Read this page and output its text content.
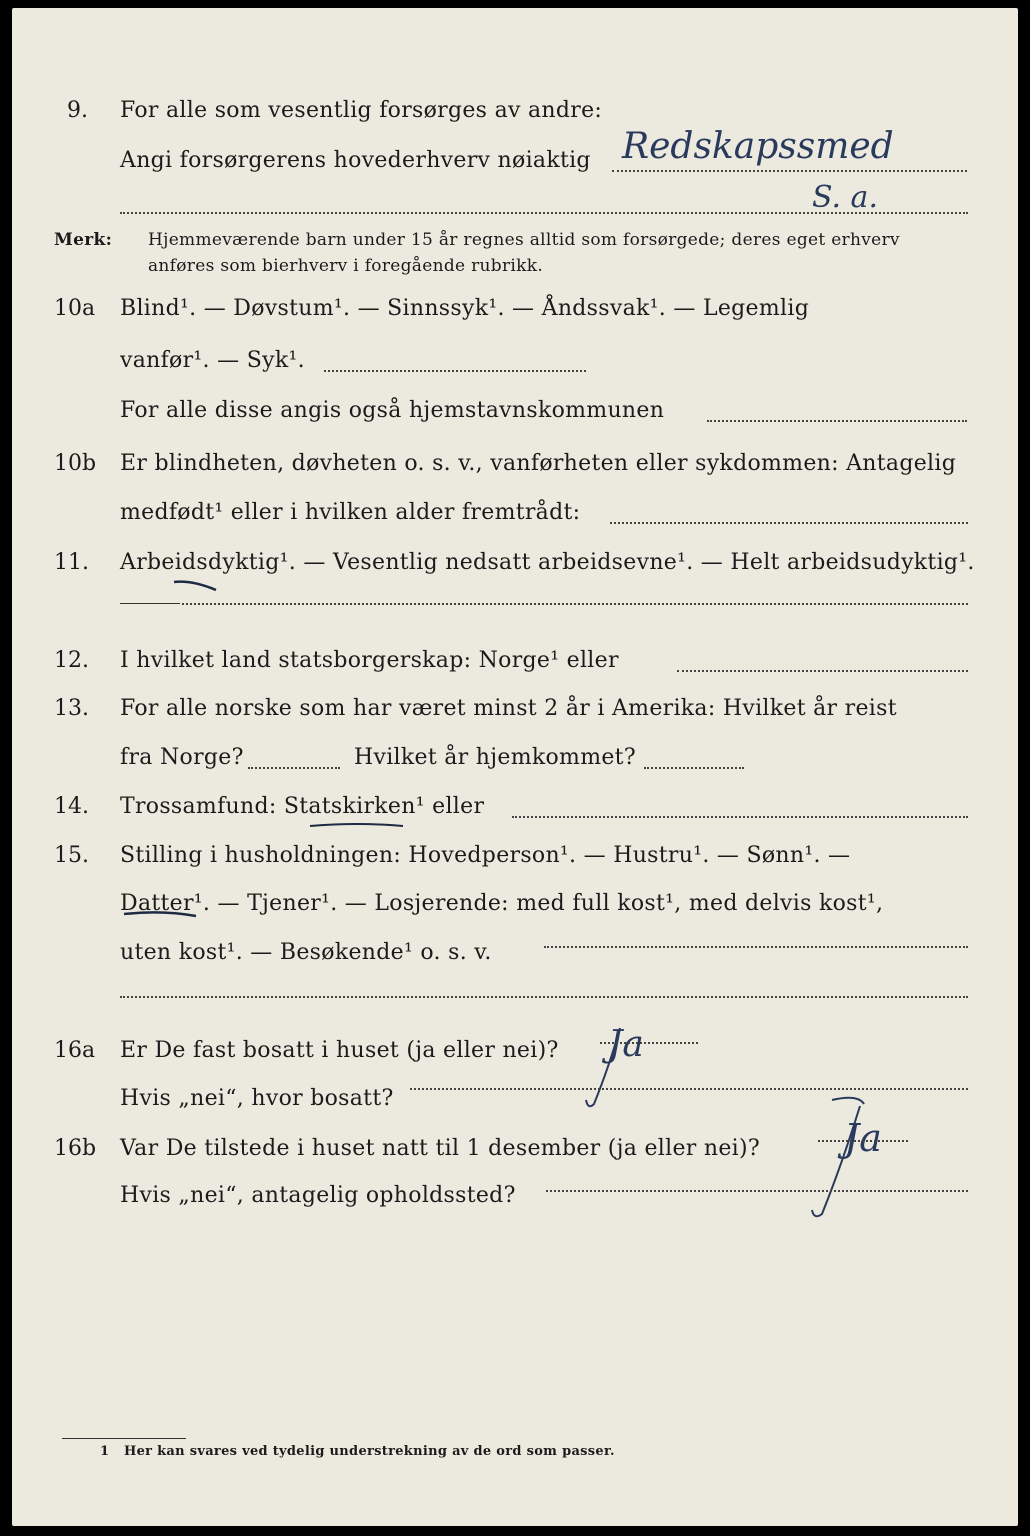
9. For alle som vesentlig forsørges av andre:
Angi forsørgerens hovederhverv nøiaktig Redskapssmed
S. a.
Merk: Hjemmeværende barn under 15 år regnes alltid som forsørgede; deres eget erhverv
anføres som bierhverv i foregående rubrikk.
10a Blind¹. — Døvstum¹. — Sinnssyk¹. — Åndssvak¹. — Legemlig
vanfør¹. — Syk¹.
For alle disse angis også hjemstavnskommunen
10b Er blindheten, døvheten o. s. v., vanførheten eller sykdommen: Antagelig
medfødt¹ eller i hvilken alder fremtrådt:
11. Arbeidsdyktig¹. — Vesentlig nedsatt arbeidsevne¹. — Helt arbeidsudyktig¹.
12. I hvilket land statsborgerskap: Norge¹ eller
13. For alle norske som har været minst 2 år i Amerika: Hvilket år reist
fra Norge?	Hvilket år hjemkommet?
14. Trossamfund: Statskirken¹ eller
15. Stilling i husholdningen: Hovedperson¹. — Hustru¹. — Sønn¹. —
Datter¹. — Tjener¹. — Losjerende: med full kost¹, med delvis kost¹,
uten kost¹. — Besøkende¹ o. s. v.
16a Er De fast bosatt i huset (ja eller nei)? Ja
Hvis „nei“, hvor bosatt?
16b Var De tilstede i huset natt til 1 desember (ja eller nei)? Ja
Hvis „nei“, antagelig opholdssted?
1 Her kan svares ved tydelig understrekning av de ord som passer.
